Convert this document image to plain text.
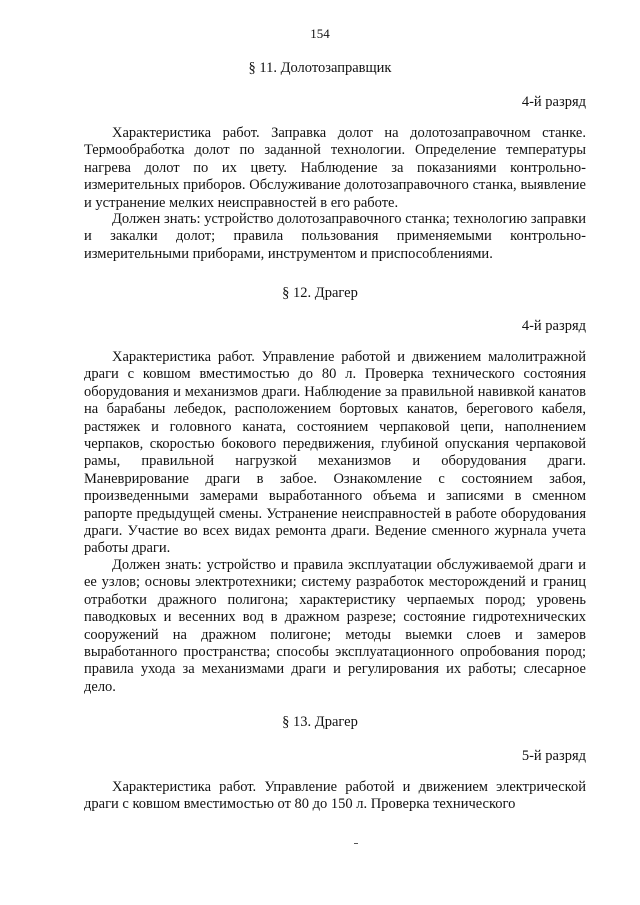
154
§ 11. Долотозаправщик
4-й разряд

Характеристика работ. Заправка долот на долотозаправочном станке. Термообработка долот по заданной технологии. Определение температуры нагрева долот по их цвету. Наблюдение за показаниями контрольно-измерительных приборов. Обслуживание долотозаправочного станка, выявление и устранение мелких неисправностей в его работе.

Должен знать: устройство долотозаправочного станка; технологию заправки и закалки долот; правила пользования применяемыми контрольно-измерительными приборами, инструментом и приспособлениями.

§ 12. Драгер
4-й разряд

Характеристика работ. Управление работой и движением малолитражной драги с ковшом вместимостью до 80 л. Проверка технического состояния оборудования и механизмов драги. Наблюдение за правильной навивкой канатов на барабаны лебедок, расположением бортовых канатов, берегового кабеля, растяжек и головного каната, состоянием черпаковой цепи, наполнением черпаков, скоростью бокового передвижения, глубиной опускания черпаковой рамы, правильной нагрузкой механизмов и оборудования драги. Маневрирование драги в забое. Ознакомление с состоянием забоя, произведенными замерами выработанного объема и записями в сменном рапорте предыдущей смены. Устранение неисправностей в работе оборудования драги. Участие во всех видах ремонта драги. Ведение сменного журнала учета работы драги.

Должен знать: устройство и правила эксплуатации обслуживаемой драги и ее узлов; основы электротехники; систему разработок месторождений и границ отработки дражного полигона; характеристику черпаемых пород; уровень паводковых и весенних вод в дражном разрезе; состояние гидротехнических сооружений на дражном полигоне; методы выемки слоев и замеров выработанного пространства; способы эксплуатационного опробования пород; правила ухода за механизмами драги и регулирования их работы; слесарное дело.

§ 13. Драгер
5-й разряд

Характеристика работ. Управление работой и движением электрической драги с ковшом вместимостью от 80 до 150 л. Проверка технического
